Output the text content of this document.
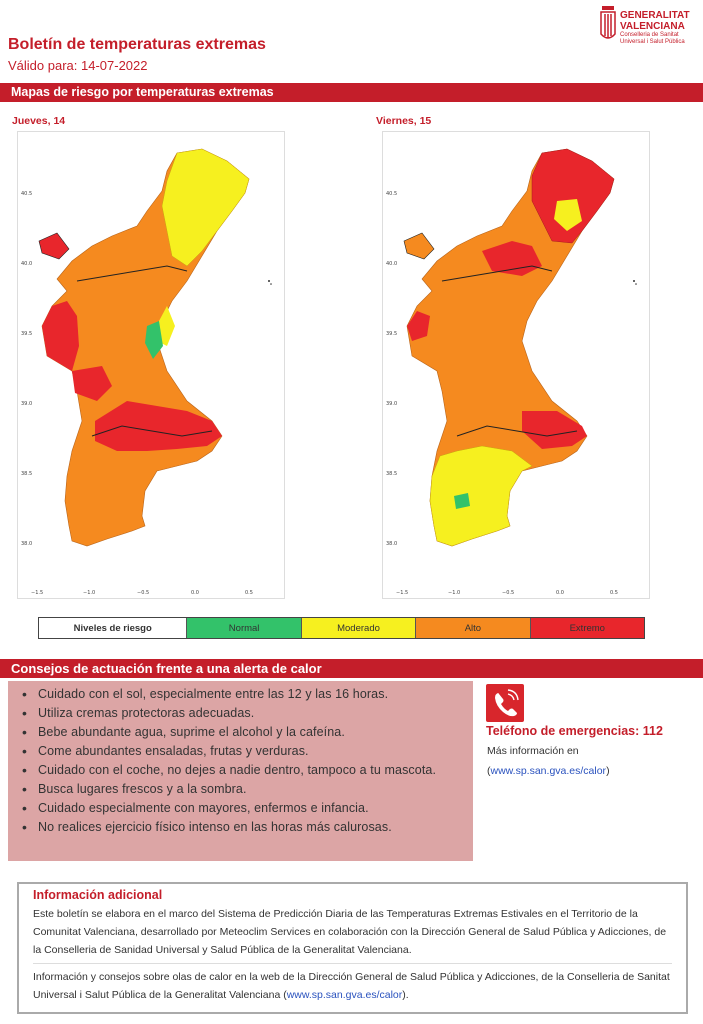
Boletín de temperaturas extremas
Válido para: 14-07-2022
GENERALITAT
VALENCIANA
Conselleria de Sanitat
Universal i Salut Pública
Mapas de riesgo por temperaturas extremas
Jueves, 14	Viernes, 15
40.5
40.0
39.5
39.0
38.5
38.0
−1.5	−1.0	−0.5	0.0	0.5
40.5
40.0
39.5
39.0
38.5
38.0
−1.5	−1.0	−0.5	0.0	0.5
Niveles de riesgo	Normal	Moderado	Alto	Extremo
Consejos de actuación frente a una alerta de calor
• Cuidado con el sol, especialmente entre las 12 y las 16 horas.
• Utiliza cremas protectoras adecuadas.
• Bebe abundante agua, suprime el alcohol y la cafeína.
• Come abundantes ensaladas, frutas y verduras.
• Cuidado con el coche, no dejes a nadie dentro, tampoco a tu mascota.
• Busca lugares frescos y a la sombra.
• Cuidado especialmente con mayores, enfermos e infancia.
• No realices ejercicio físico intenso en las horas más calurosas.
Teléfono de emergencias: 112
Más información en
(www.sp.san.gva.es/calor)
Información adicional

Este boletín se elabora en el marco del Sistema de Predicción Diaria de las Temperaturas Extremas Estivales en el Territorio de la Comunitat Valenciana, desarrollado por Meteoclim Services en colaboración con la Dirección General de Salud Pública y Adicciones, de la Conselleria de Sanidad Universal y Salud Pública de la Generalitat Valenciana.

Información y consejos sobre olas de calor en la web de la Dirección General de Salud Pública y Adicciones, de la Conselleria de Sanitat Universal i Salut Pública de la Generalitat Valenciana (www.sp.san.gva.es/calor).
